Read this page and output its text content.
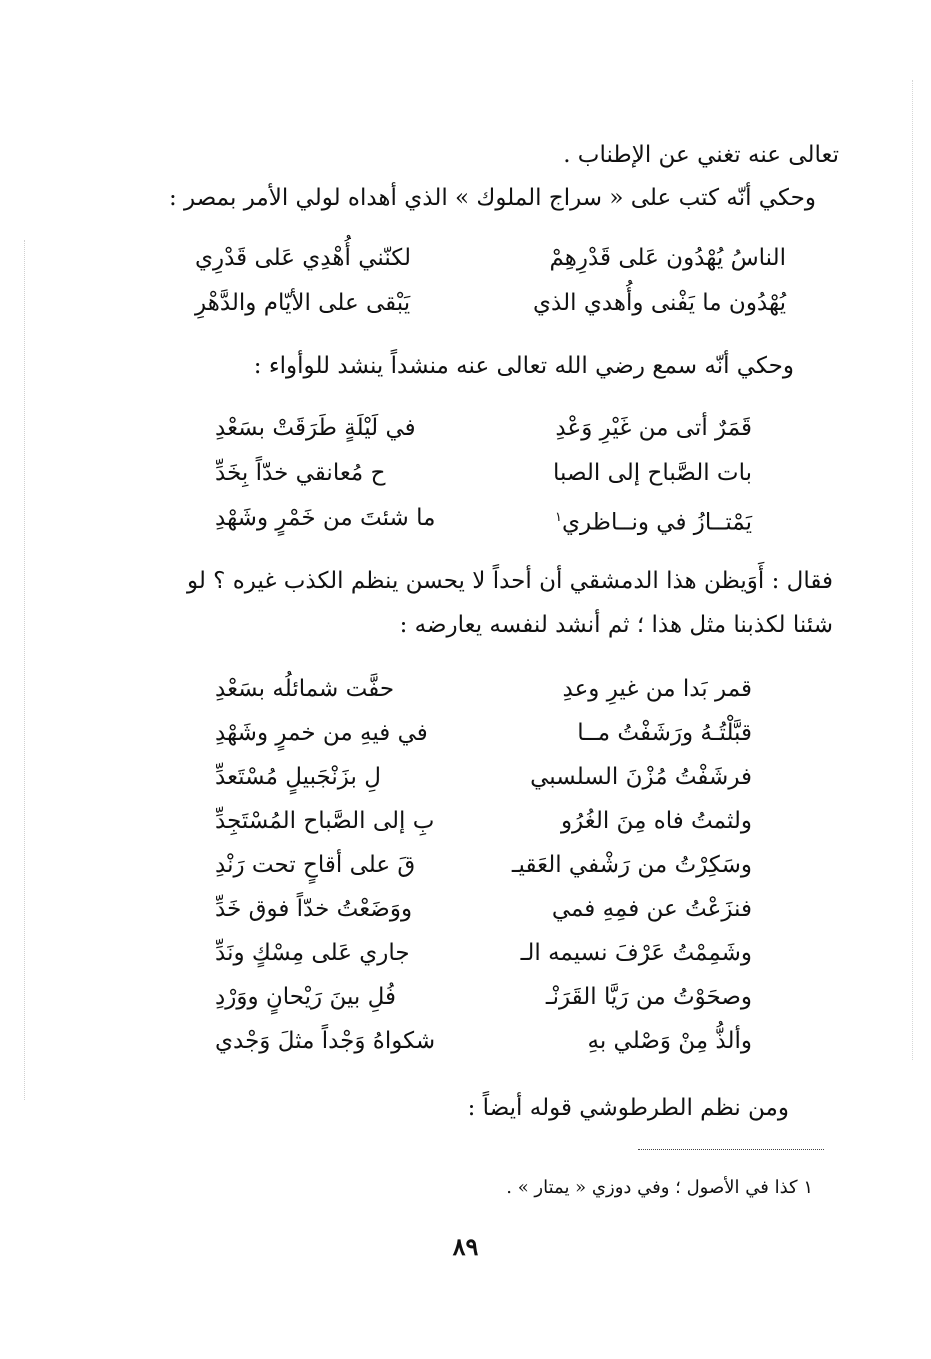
تعالى عنه تغني عن الإطناب .
وحكي أنّه كتب على « سراج الملوك » الذي أهداه لولي الأمر بمصر :
الناسُ يُهْدُون عَلى قَدْرِهِمْ
لكنّني أُهْدِي عَلى قَدْرِي
يُهْدُون ما يَفْنى وأُهدي الذي
يَبْقى على الأيّام والدَّهْرِ
وحكي أنّه سمع رضي الله تعالى عنه منشداً ينشد للوأواء :
قَمَرٌ أتى من غَيْرِ وَعْدِ
في لَيْلَةٍ طَرَقَتْ بسَعْدِ
بات الصَّباح إلى الصبا
ح مُعانقي خدّاً بِخَدِّ
يَمْتــازُ في ونــاظري$^١$
ما شئتَ من خَمْرٍ وشَهْدِ
فقال : أَوَيظن هذا الدمشقي أن أحداً لا يحسن ينظم الكذب غيره ؟ لو
شئنا لكذبنا مثل هذا ؛ ثم أنشد لنفسه يعارضه :
قمر بَدا من غيرِ وعدِ
حفَّت شمائلُه بسَعْدِ
قبَّلْتُـهُ ورَشَفْتُ مــا
في فيهِ من خمرٍ وشَهْدِ
فرشَفْتُ مُزْنَ السلسبي
لِ بزَنْجَبيلٍ مُسْتَعدِّ
ولثمتُ فاه مِنَ الغُرُو
بِ إلى الصَّباح المُسْتَجِدِّ
وسَكِرْتُ من رَشْفي العَقيـ
قَ على أقاحٍ تحت رَنْدِ
فنزَعْتُ عن فمِهِ فمي
ووَضَعْتُ خدّاً فوق خَدِّ
وشَمِمْتُ عَرْفَ نسيمه الـ
جاري عَلى مِسْكٍ ونَدِّ
وصحَوْتُ من رَيَّا القَرَنْـ
فُلِ بينَ رَيْحانٍ ووَرْدِ
وألذُّ مِنْ وَصْلي بهِ
شكواهُ وَجْداً مثلَ وَجْدي
ومن نظم الطرطوشي قوله أيضاً :
١ كذا في الأصول ؛ وفي دوزي « يمتار » .
٨٩
